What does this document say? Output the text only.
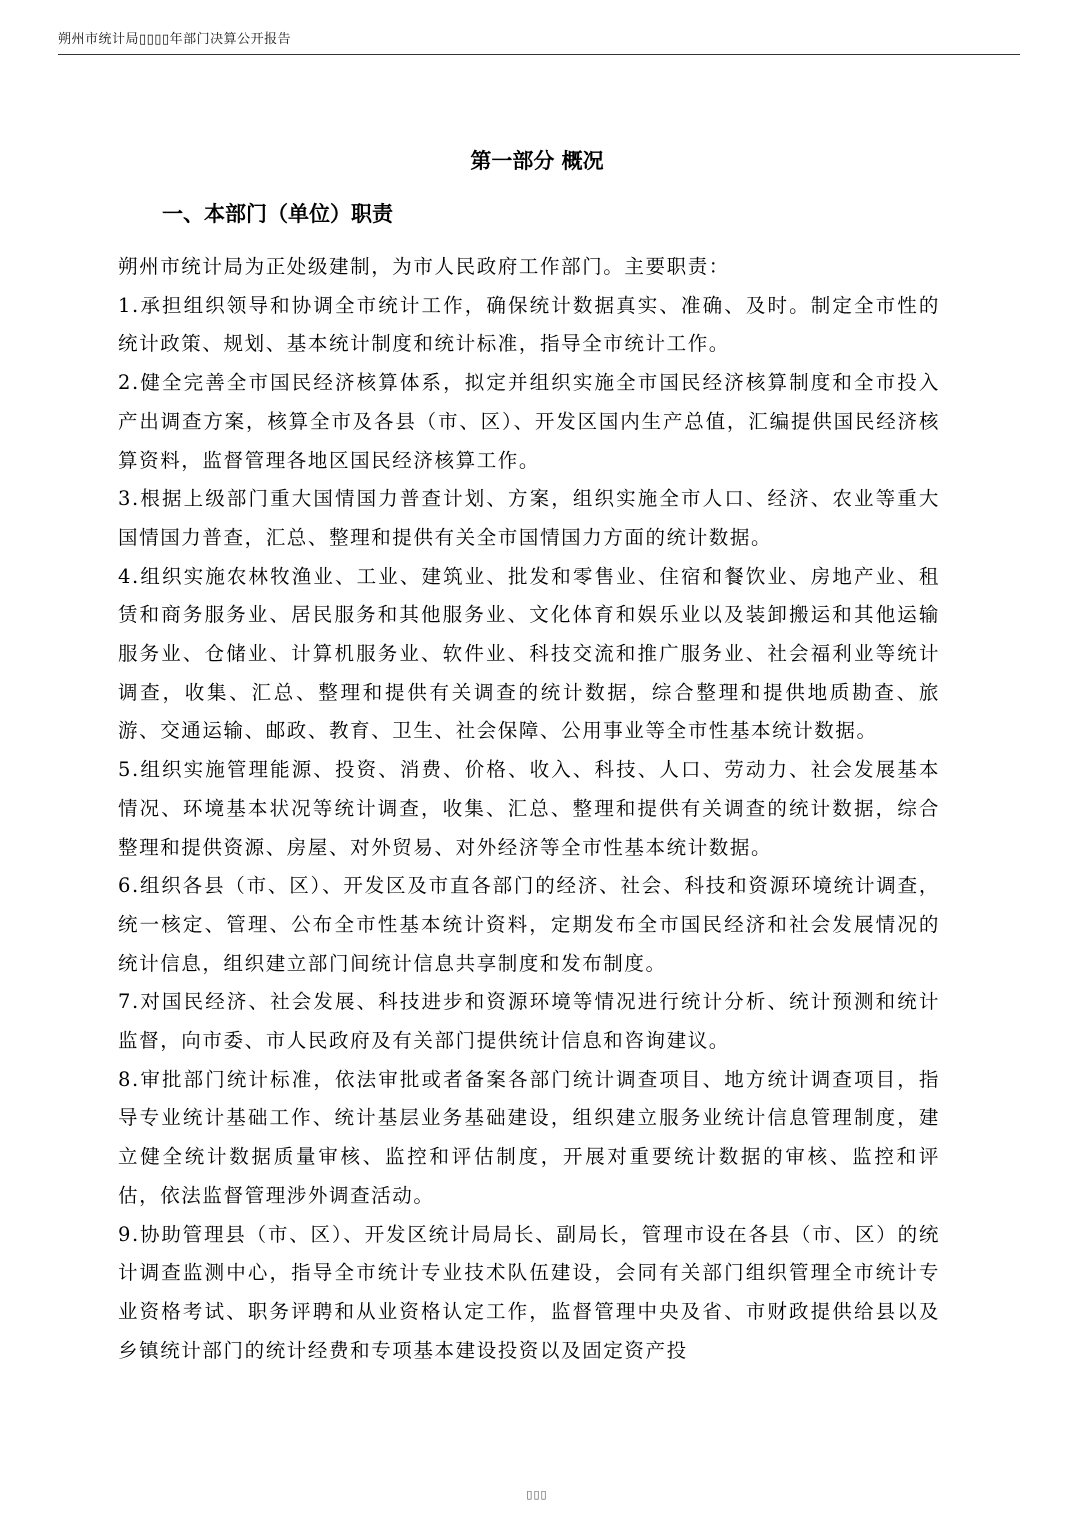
朔州市统计局▯▯▯▯年部门决算公开报告
第一部分 概况
一、本部门（单位）职责

朔州市统计局为正处级建制，为市人民政府工作部门。主要职责：

1.承担组织领导和协调全市统计工作，确保统计数据真实、准确、及时。制定全市性的统计政策、规划、基本统计制度和统计标准，指导全市统计工作。

2.健全完善全市国民经济核算体系，拟定并组织实施全市国民经济核算制度和全市投入产出调查方案，核算全市及各县（市、区）、开发区国内生产总值，汇编提供国民经济核算资料，监督管理各地区国民经济核算工作。

3.根据上级部门重大国情国力普查计划、方案，组织实施全市人口、经济、农业等重大国情国力普查，汇总、整理和提供有关全市国情国力方面的统计数据。

4.组织实施农林牧渔业、工业、建筑业、批发和零售业、住宿和餐饮业、房地产业、租赁和商务服务业、居民服务和其他服务业、文化体育和娱乐业以及装卸搬运和其他运输服务业、仓储业、计算机服务业、软件业、科技交流和推广服务业、社会福利业等统计调查，收集、汇总、整理和提供有关调查的统计数据，综合整理和提供地质勘查、旅游、交通运输、邮政、教育、卫生、社会保障、公用事业等全市性基本统计数据。

5.组织实施管理能源、投资、消费、价格、收入、科技、人口、劳动力、社会发展基本情况、环境基本状况等统计调查，收集、汇总、整理和提供有关调查的统计数据，综合整理和提供资源、房屋、对外贸易、对外经济等全市性基本统计数据。

6.组织各县（市、区）、开发区及市直各部门的经济、社会、科技和资源环境统计调查，统一核定、管理、公布全市性基本统计资料，定期发布全市国民经济和社会发展情况的统计信息，组织建立部门间统计信息共享制度和发布制度。

7.对国民经济、社会发展、科技进步和资源环境等情况进行统计分析、统计预测和统计监督，向市委、市人民政府及有关部门提供统计信息和咨询建议。

8.审批部门统计标准，依法审批或者备案各部门统计调查项目、地方统计调查项目，指导专业统计基础工作、统计基层业务基础建设，组织建立服务业统计信息管理制度，建立健全统计数据质量审核、监控和评估制度，开展对重要统计数据的审核、监控和评估，依法监督管理涉外调查活动。

9.协助管理县（市、区）、开发区统计局局长、副局长，管理市设在各县（市、区）的统计调查监测中心，指导全市统计专业技术队伍建设，会同有关部门组织管理全市统计专业资格考试、职务评聘和从业资格认定工作，监督管理中央及省、市财政提供给县以及乡镇统计部门的统计经费和专项基本建设投资以及固定资产投

▯▯▯
